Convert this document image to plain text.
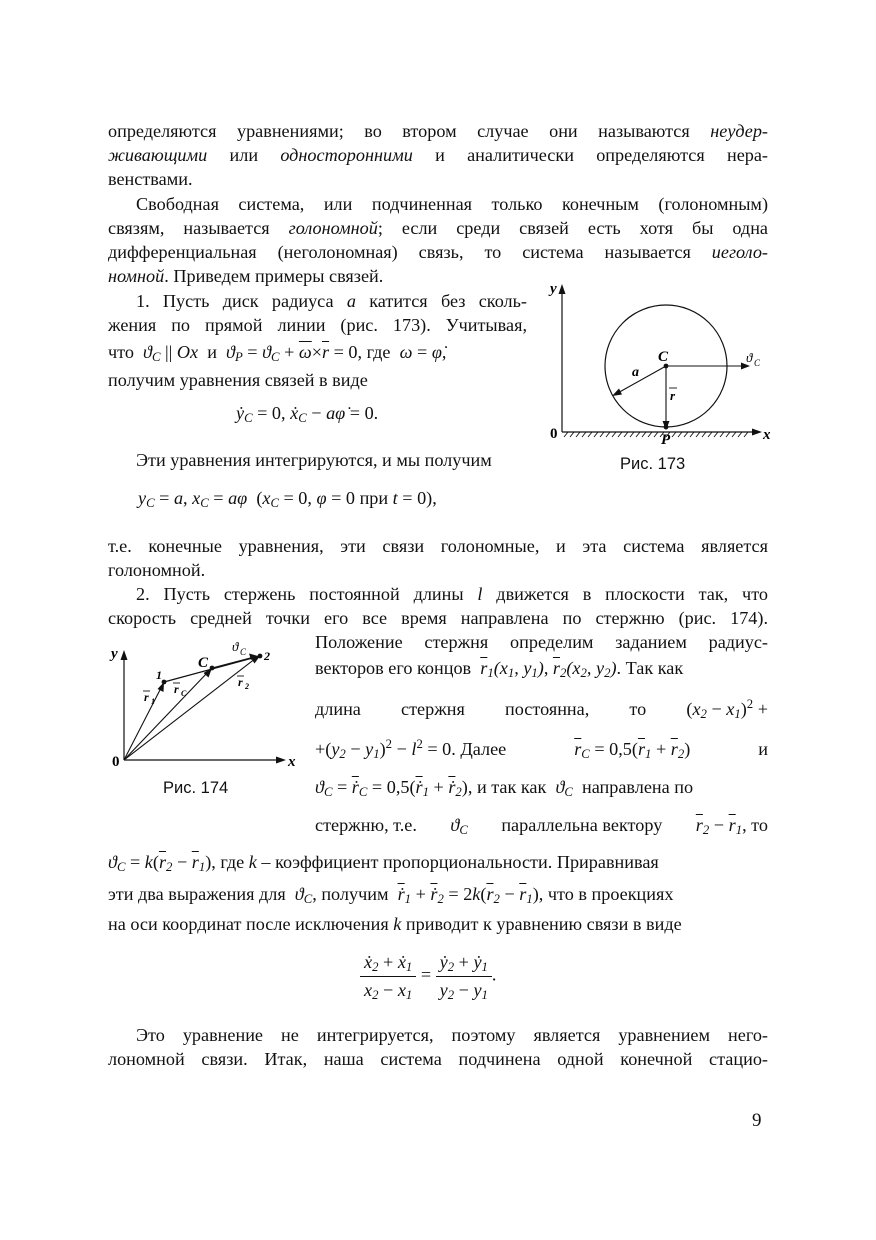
определяются уравнениями; во втором случае они называются неудер-
живающими или односторонними и аналитически определяются нера-
венствами.
Свободная система, или подчиненная только конечным (голономным)
связям, называется голономной; если среди связей есть хотя бы одна
дифференциальная (неголономная) связь, то система называется иеголо-
номной. Приведем примеры связей.
1. Пусть диск радиуса a катится без сколь-
жения по прямой линии (рис. 173). Учитывая,
что $ϑ_C$ || Ox и $ϑ_P = ϑ_C + \overline{\omega}\times\overline{r} = 0$, где ω = φ̇,
получим уравнения связей в виде
ẏ$_C$ = 0, ẋ$_C$ − aφ̇ = 0.
Эти уравнения интегрируются, и мы получим
$y_C = a$, $x_C = a\varphi$  ($x_C = 0$, φ = 0 при t = 0),
y
x
0
C
P
a
r
ϑ C
Рис. 173
т.е. конечные уравнения, эти связи голономные, и эта система является
голономной.
2. Пусть стержень постоянной длины l движется в плоскости так, что
скорость средней точки его все время направлена по стержню (рис. 174).
Положение стержня определим заданием радиус-
векторов его концов $\overline{r}_1(x_1$, $y_1$), $\overline{r}_2(x_2$, $y_2$). Так как
длина стержня постоянна, то $(x_2 - x_1)^2$ +
$+(y_2 - y_1)^2 - l^2 = 0$. Далее	$\overline{r}_C = 0,5(\overline{r}_1 + \overline{r}_2)$	и
$ϑ_C = \overline{ṙ}_C = 0,5(\overline{ṙ}_1 + \overline{ṙ}_2)$, и так как $ϑ_C$ направлена по
стержню, т.е. $ϑ_C$ параллельна вектору $\overline{r}_2 - \overline{r}_1$, то
y
x
0
1
2
C
ϑ C
r 1
r C
r 2
Рис. 174
$ϑ_C = k(\overline{r}_2 - \overline{r}_1)$, где k – коэффициент пропорциональности. Приравнивая
эти два выражения для $ϑ_C$, получим $\overline{ṙ}_1 + \overline{ṙ}_2 = 2k(\overline{r}_2 - \overline{r}_1)$, что в проекциях
на оси координат после исключения k приводит к уравнению связи в виде
$\frac{ẋ_2 + ẋ_1}{x_2 - x_1} = \frac{ẏ_2 + ẏ_1}{y_2 - y_1}$ .
Это уравнение не интегрируется, поэтому является уравнением него-
лономной связи. Итак, наша система подчинена одной конечной стацио-
9
